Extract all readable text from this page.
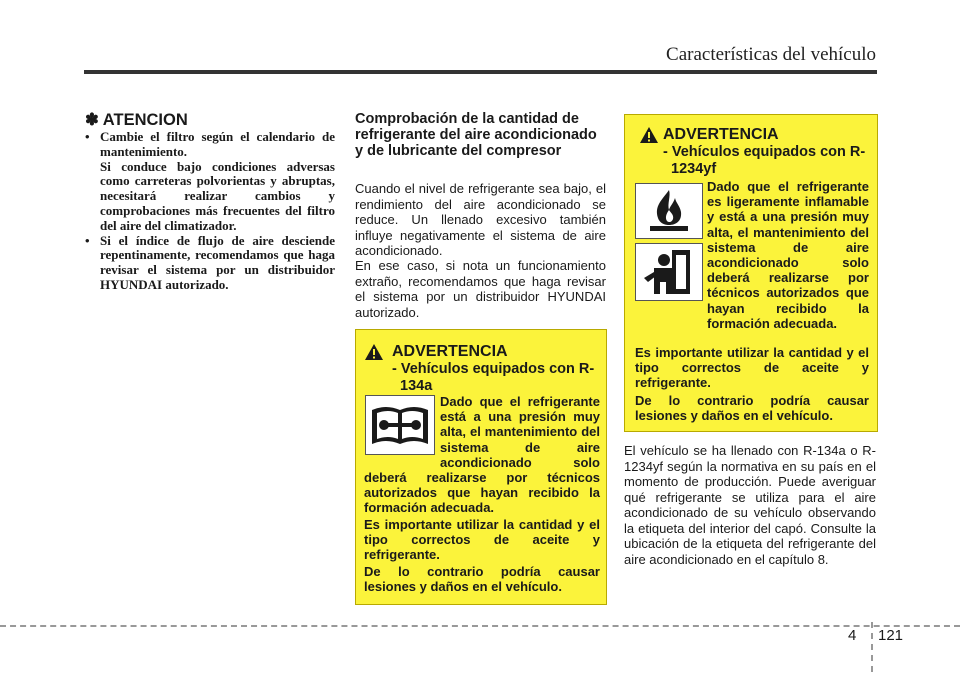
Características del vehículo
✽ ATENCION
• Cambie el filtro según el calendario de mantenimiento.
Si conduce bajo condiciones adversas como carreteras polvorientas y abruptas, necesitará realizar cambios y comprobaciones más frecuentes del filtro del aire del climatizador.
• Si el índice de flujo de aire desciende repentinamente, recomendamos que haga revisar el sistema por un distribuidor HYUNDAI autorizado.
Comprobación de la cantidad de refrigerante del aire acondicionado y de lubricante del compresor
Cuando el nivel de refrigerante sea bajo, el rendimiento del aire acondicionado se reduce. Un llenado excesivo también influye negativamente el sistema de aire acondicionado.
En ese caso, si nota un funcionamiento extraño, recomendamos que haga revisar el sistema por un distribuidor HYUNDAI autorizado.
ADVERTENCIA
- Vehículos equipados con R-134a
Dado que el refrigerante está a una presión muy alta, el mantenimiento del sistema de aire acondicionado solo deberá realizarse por técnicos autorizados que hayan recibido la formación adecuada.
Es importante utilizar la cantidad y el tipo correctos de aceite y refrigerante.
De lo contrario podría causar lesiones y daños en el vehículo.
ADVERTENCIA
- Vehículos equipados con R-1234yf
Dado que el refrigerante es ligeramente inflamable y está a una presión muy alta, el mantenimiento del sistema de aire acondicionado solo deberá realizarse por técnicos autorizados que hayan recibido la formación adecuada.
Es importante utilizar la cantidad y el tipo correctos de aceite y refrigerante.
De lo contrario podría causar lesiones y daños en el vehículo.
El vehículo se ha llenado con R-134a o R-1234yf según la normativa en su país en el momento de producción. Puede averiguar qué refrigerante se utiliza para el aire acondicionado de su vehículo observando la etiqueta del interior del capó. Consulte la ubicación de la etiqueta del refrigerante del aire acondicionado en el capítulo 8.
4 121
